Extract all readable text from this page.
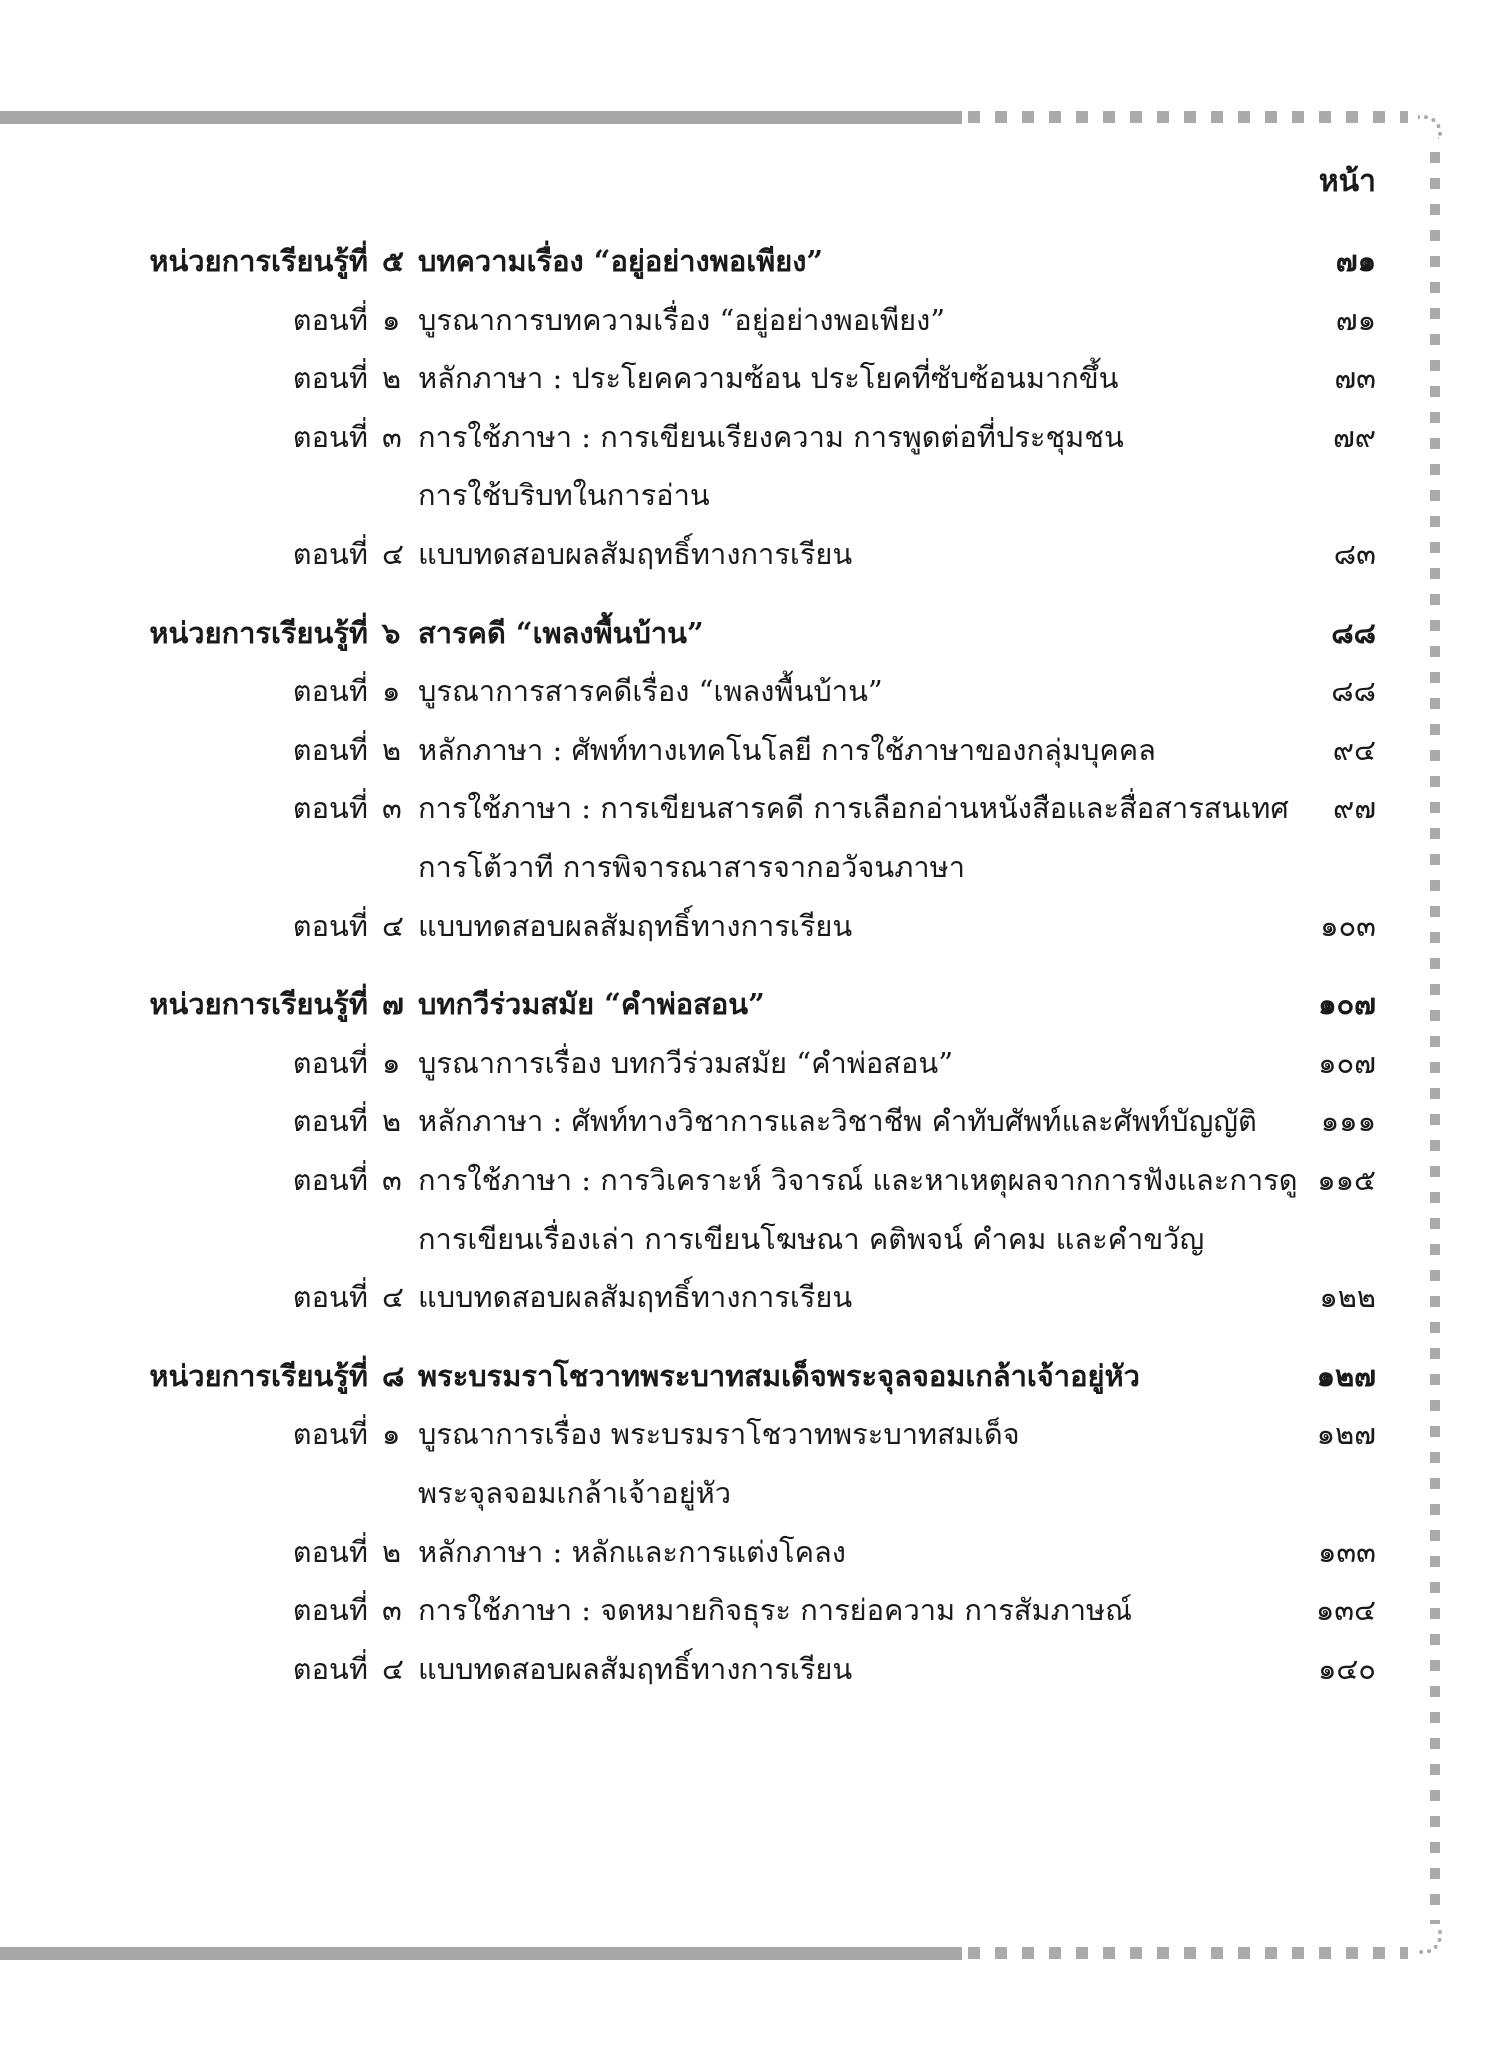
หน้า
หน่วยการเรียนรู้ที่ ๕ บทความเรื่อง “อยู่อย่างพอเพียง”	๗๑
ตอนที่ ๑ บูรณาการบทความเรื่อง “อยู่อย่างพอเพียง”	๗๑
ตอนที่ ๒ หลักภาษา : ประโยคความซ้อน ประโยคที่ซับซ้อนมากขึ้น	๗๓
ตอนที่ ๓ การใช้ภาษา : การเขียนเรียงความ การพูดต่อที่ประชุมชน	๗๙
การใช้บริบทในการอ่าน
ตอนที่ ๔ แบบทดสอบผลสัมฤทธิ์ทางการเรียน	๘๓
หน่วยการเรียนรู้ที่ ๖ สารคดี “เพลงพื้นบ้าน”	๘๘
ตอนที่ ๑ บูรณาการสารคดีเรื่อง “เพลงพื้นบ้าน”	๘๘
ตอนที่ ๒ หลักภาษา : ศัพท์ทางเทคโนโลยี การใช้ภาษาของกลุ่มบุคคล	๙๔
ตอนที่ ๓ การใช้ภาษา : การเขียนสารคดี การเลือกอ่านหนังสือและสื่อสารสนเทศ ๙๗
การโต้วาที การพิจารณาสารจากอวัจนภาษา
ตอนที่ ๔ แบบทดสอบผลสัมฤทธิ์ทางการเรียน	๑๐๓
หน่วยการเรียนรู้ที่ ๗ บทกวีร่วมสมัย “คำพ่อสอน”	๑๐๗
ตอนที่ ๑ บูรณาการเรื่อง บทกวีร่วมสมัย “คำพ่อสอน”	๑๐๗
ตอนที่ ๒ หลักภาษา : ศัพท์ทางวิชาการและวิชาชีพ คำทับศัพท์และศัพท์บัญญัติ ๑๑๑
ตอนที่ ๓ การใช้ภาษา : การวิเคราะห์ วิจารณ์ และหาเหตุผลจากการฟังและการดู ๑๑๕
การเขียนเรื่องเล่า การเขียนโฆษณา คติพจน์ คำคม และคำขวัญ
ตอนที่ ๔ แบบทดสอบผลสัมฤทธิ์ทางการเรียน	๑๒๒
หน่วยการเรียนรู้ที่ ๘ พระบรมราโชวาทพระบาทสมเด็จพระจุลจอมเกล้าเจ้าอยู่หัว	๑๒๗
ตอนที่ ๑ บูรณาการเรื่อง พระบรมราโชวาทพระบาทสมเด็จ	๑๒๗
พระจุลจอมเกล้าเจ้าอยู่หัว
ตอนที่ ๒ หลักภาษา : หลักและการแต่งโคลง	๑๓๓
ตอนที่ ๓ การใช้ภาษา : จดหมายกิจธุระ การย่อความ การสัมภาษณ์	๑๓๔
ตอนที่ ๔ แบบทดสอบผลสัมฤทธิ์ทางการเรียน	๑๔๐
